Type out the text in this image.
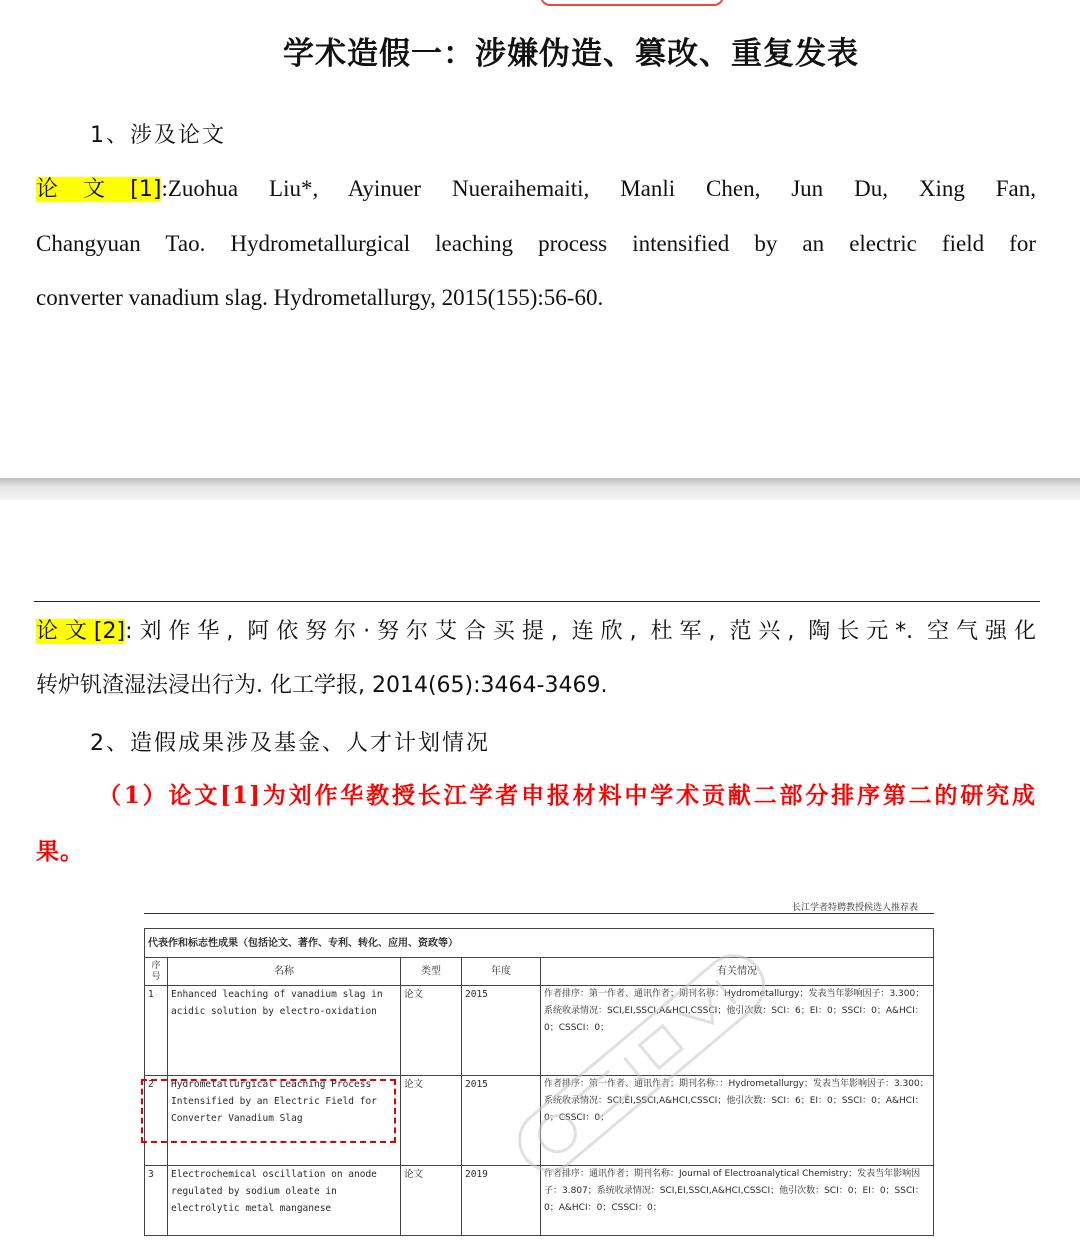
学术造假一：涉嫌伪造、篡改、重复发表
1、涉及论文
论文[1]:Zuohua Liu*, Ayinuer Nueraihemaiti, Manli Chen, Jun Du, Xing Fan,
Changyuan Tao. Hydrometallurgical leaching process intensified by an electric field for
converter vanadium slag. Hydrometallurgy, 2015(155):56-60.
论文[2]:刘作华, 阿依努尔·努尔艾合买提, 连欣, 杜军, 范兴, 陶长元*. 空气强化
转炉钒渣湿法浸出行为. 化工学报, 2014(65):3464-3469.
2、造假成果涉及基金、人才计划情况
（1）论文[1]为刘作华教授长江学者申报材料中学术贡献二部分排序第二的研究成
果。
长江学者特聘教授候选人推荐表
代表作和标志性成果（包括论文、著作、专利、转化、应用、资政等）				
序号	名称	类型	年度	有关情况
1	Enhanced leaching of vanadium slag in acidic solution by electro-oxidation	论文	2015	作者排序：第一作者、通讯作者；期刊名称：Hydrometallurgy；发表当年影响因子：3.300；系统收录情况：SCI,EI,SSCI,A&HCI,CSSCI；他引次数：SCI：6；EI：0；SSCI：0；A&HCI：0；CSSCI：0；
2	Hydrometallurgical Leaching Process Intensified by an Electric Field for Converter Vanadium Slag	论文	2015	作者排序：第一作者、通讯作者；期刊名称：：Hydrometallurgy；发表当年影响因子：3.300；系统收录情况：SCI,EI,SSCI,A&HCI,CSSCI；他引次数：SCI：6；EI：0；SSCI：0；A&HCI：0；CSSCI：0；
3	Electrochemical oscillation on anode regulated by sodium oleate in electrolytic metal manganese	论文	2019	作者排序：通讯作者；期刊名称：Journal of Electroanalytical Chemistry；发表当年影响因子：3.807；系统收录情况：SCI,EI,SSCI,A&HCI,CSSCI；他引次数：SCI：0；EI：0；SSCI：0；A&HCI：0；CSSCI：0；
